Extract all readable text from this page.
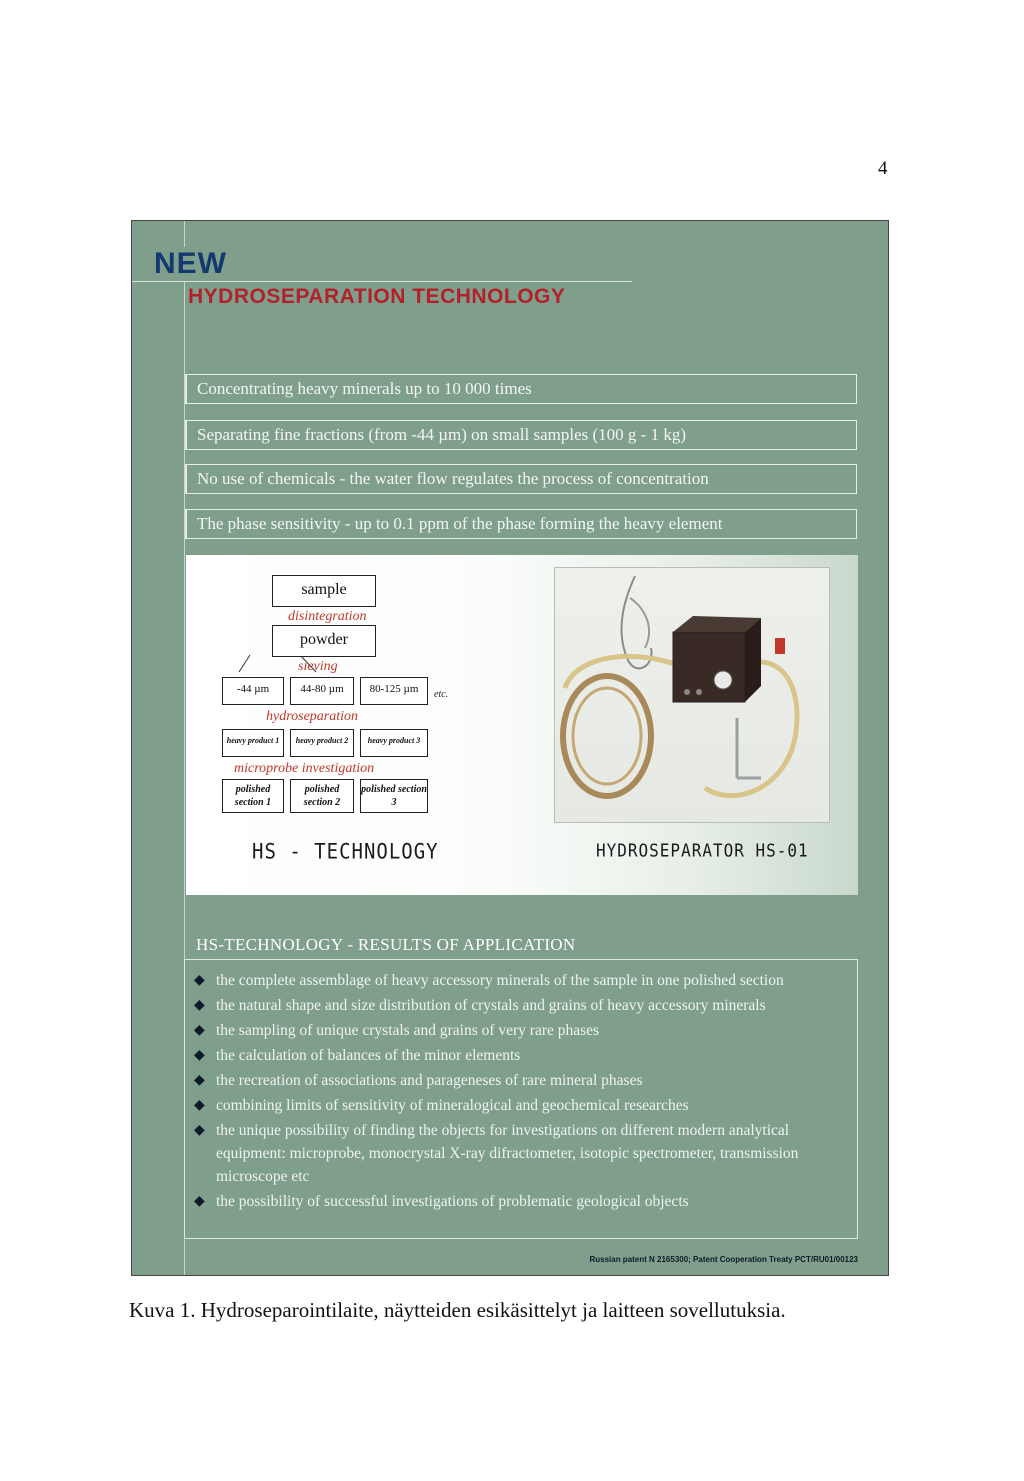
4
NEW
HYDROSEPARATION TECHNOLOGY
Concentrating heavy minerals up to 10 000 times
Separating fine fractions (from -44 µm) on small samples (100 g - 1 kg)
No use of chemicals - the water flow regulates the process of concentration
The phase sensitivity - up to 0.1 ppm of the phase forming the heavy element
sample
disintegration
powder
sieving
-44 µm	44-80 µm	80-125 µm	etc.
hydroseparation
heavy product 1	heavy product 2	heavy product 3
microprobe investigation
polished section 1
polished section 2
polished section 3
HS - TECHNOLOGY	HYDROSEPARATOR HS-01
HS-TECHNOLOGY - RESULTS OF APPLICATION
◆ the complete assemblage of heavy accessory minerals of the sample in one polished section
◆ the natural shape and size distribution of crystals and grains of heavy accessory minerals
◆ the sampling of unique crystals and grains of very rare phases
◆ the calculation of balances of the minor elements
◆ the recreation of associations and parageneses of rare mineral phases
◆ combining limits of sensitivity of mineralogical and geochemical researches
◆ the unique possibility of finding the objects for investigations on different modern analytical equipment: microprobe, monocrystal X-ray difractometer, isotopic spectrometer, transmission microscope etc
◆ the possibility of successful investigations of problematic geological objects
Russian patent N 2165300; Patent Cooperation Treaty PCT/RU01/00123
Kuva 1. Hydroseparointilaite, näytteiden esikäsittelyt ja laitteen sovellutuksia.
